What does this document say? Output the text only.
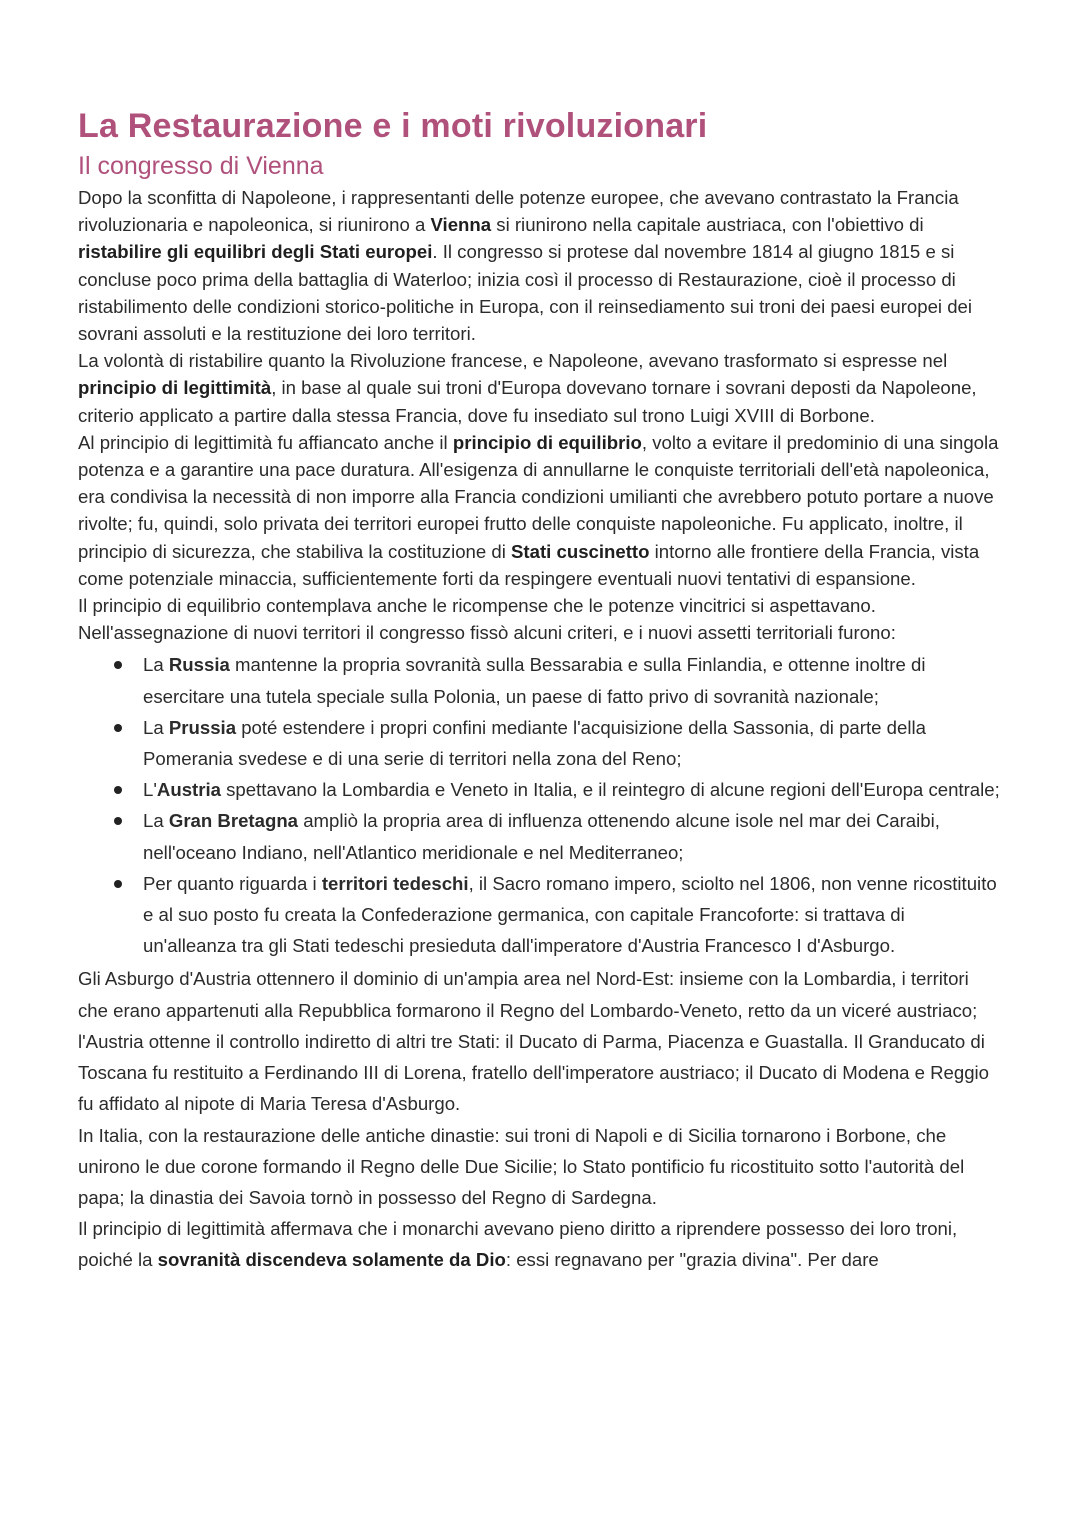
La Restaurazione e i moti rivoluzionari
Il congresso di Vienna

Dopo la sconfitta di Napoleone, i rappresentanti delle potenze europee, che avevano contrastato la Francia rivoluzionaria e napoleonica, si riunirono a Vienna si riunirono nella capitale austriaca, con l'obiettivo di ristabilire gli equilibri degli Stati europei. Il congresso si protese dal novembre 1814 al giugno 1815 e si concluse poco prima della battaglia di Waterloo; inizia così il processo di Restaurazione, cioè il processo di ristabilimento delle condizioni storico-politiche in Europa, con il reinsediamento sui troni dei paesi europei dei sovrani assoluti e la restituzione dei loro territori.

La volontà di ristabilire quanto la Rivoluzione francese, e Napoleone, avevano trasformato si espresse nel principio di legittimità, in base al quale sui troni d'Europa dovevano tornare i sovrani deposti da Napoleone, criterio applicato a partire dalla stessa Francia, dove fu insediato sul trono Luigi XVIII di Borbone.

Al principio di legittimità fu affiancato anche il principio di equilibrio, volto a evitare il predominio di una singola potenza e a garantire una pace duratura. All'esigenza di annullarne le conquiste territoriali dell'età napoleonica, era condivisa la necessità di non imporre alla Francia condizioni umilianti che avrebbero potuto portare a nuove rivolte; fu, quindi, solo privata dei territori europei frutto delle conquiste napoleoniche. Fu applicato, inoltre, il principio di sicurezza, che stabiliva la costituzione di Stati cuscinetto intorno alle frontiere della Francia, vista come potenziale minaccia, sufficientemente forti da respingere eventuali nuovi tentativi di espansione.

Il principio di equilibrio contemplava anche le ricompense che le potenze vincitrici si aspettavano.

Nell'assegnazione di nuovi territori il congresso fissò alcuni criteri, e i nuovi assetti territoriali furono:

La Russia mantenne la propria sovranità sulla Bessarabia e sulla Finlandia, e ottenne inoltre di esercitare una tutela speciale sulla Polonia, un paese di fatto privo di sovranità nazionale;
La Prussia poté estendere i propri confini mediante l'acquisizione della Sassonia, di parte della Pomerania svedese e di una serie di territori nella zona del Reno;
L'Austria spettavano la Lombardia e Veneto in Italia, e il reintegro di alcune regioni dell'Europa centrale;
La Gran Bretagna ampliò la propria area di influenza ottenendo alcune isole nel mar dei Caraibi, nell'oceano Indiano, nell'Atlantico meridionale e nel Mediterraneo;
Per quanto riguarda i territori tedeschi, il Sacro romano impero, sciolto nel 1806, non venne ricostituito e al suo posto fu creata la Confederazione germanica, con capitale Francoforte: si trattava di un'alleanza tra gli Stati tedeschi presieduta dall'imperatore d'Austria Francesco I d'Asburgo.

Gli Asburgo d'Austria ottennero il dominio di un'ampia area nel Nord-Est: insieme con la Lombardia, i territori che erano appartenuti alla Repubblica formarono il Regno del Lombardo-Veneto, retto da un viceré austriaco; l'Austria ottenne il controllo indiretto di altri tre Stati: il Ducato di Parma, Piacenza e Guastalla. Il Granducato di Toscana fu restituito a Ferdinando III di Lorena, fratello dell'imperatore austriaco; il Ducato di Modena e Reggio fu affidato al nipote di Maria Teresa d'Asburgo.

In Italia, con la restaurazione delle antiche dinastie: sui troni di Napoli e di Sicilia tornarono i Borbone, che unirono le due corone formando il Regno delle Due Sicilie; lo Stato pontificio fu ricostituito sotto l'autorità del papa; la dinastia dei Savoia tornò in possesso del Regno di Sardegna.

Il principio di legittimità affermava che i monarchi avevano pieno diritto a riprendere possesso dei loro troni, poiché la sovranità discendeva solamente da Dio: essi regnavano per "grazia divina". Per dare
